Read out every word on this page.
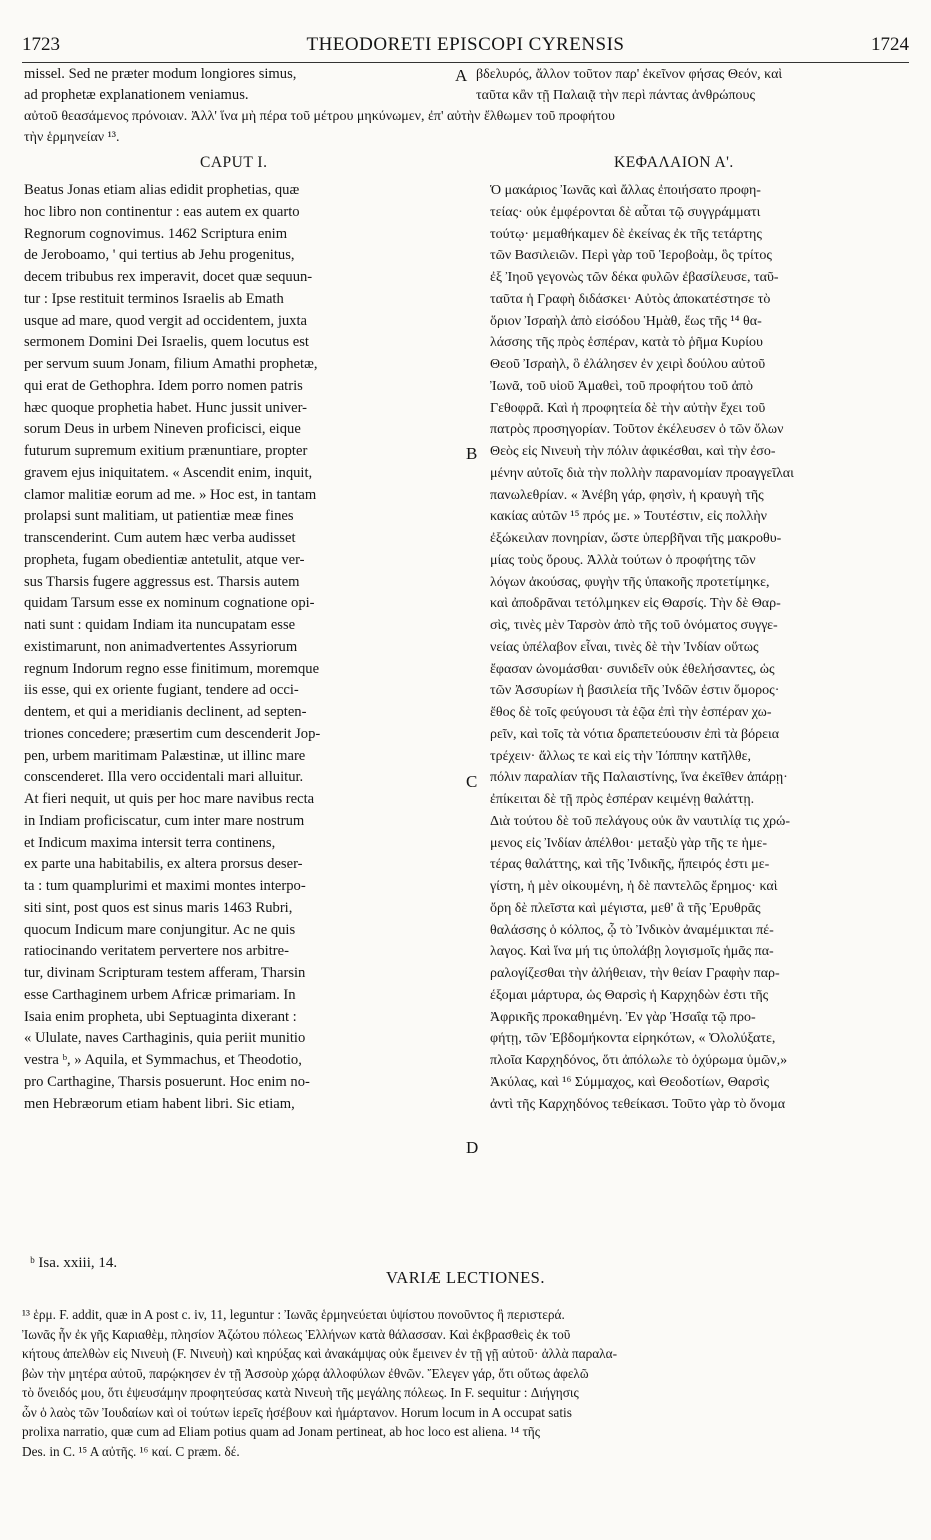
1723	THEODORETI EPISCOPI CYRENSIS	1724
missel. Sed ne præter modum longiores simus,
ad prophetæ explanationem veniamus.
A βδελυρός, ἄλλον τοῦτον παρ' ἐκεῖνον φήσας Θεόν, καὶ
ταῦτα κἂν τῇ Παλαιᾷ τὴν περὶ πάντας ἀνθρώπους
αὐτοῦ θεασάμενος πρόνοιαν. Ἀλλ' ἵνα μὴ πέρα τοῦ μέτρου μηκύνωμεν, ἐπ' αὐτὴν ἔλθωμεν τοῦ προφήτου
τὴν ἑρμηνείαν ¹³.
CAPUT I.	ΚΕΦΑΛΑΙΟΝ Α'.
Beatus Jonas etiam alias edidit prophetias, quæ
hoc libro non continentur : eas autem ex quarto
Regnorum cognovimus. 1462 Scriptura enim
de Jeroboamo, ' qui tertius ab Jehu progenitus,
decem tribubus rex imperavit, docet quæ sequun-
tur : Ipse restituit terminos Israelis ab Emath
usque ad mare, quod vergit ad occidentem, juxta
sermonem Domini Dei Israelis, quem locutus est
per servum suum Jonam, filium Amathi prophetæ,
qui erat de Gethophra. Idem porro nomen patris
hæc quoque prophetia habet. Hunc jussit univer-
sorum Deus in urbem Nineven proficisci, eique
futurum supremum exitium prænuntiare, propter
gravem ejus iniquitatem. « Ascendit enim, inquit,
clamor malitiæ eorum ad me. » Hoc est, in tantam
prolapsi sunt malitiam, ut patientiæ meæ fines
transcenderint. Cum autem hæc verba audisset
propheta, fugam obedientiæ antetulit, atque ver-
sus Tharsis fugere aggressus est. Tharsis autem
quidam Tarsum esse ex nominum cognatione opi-
nati sunt : quidam Indiam ita nuncupatam esse
existimarunt, non animadvertentes Assyriorum
regnum Indorum regno esse finitimum, moremque
iis esse, qui ex oriente fugiant, tendere ad occi-
dentem, et qui a meridianis declinent, ad septen-
triones concedere; præsertim cum descenderit Jop-
pen, urbem maritimam Palæstinæ, ut illinc mare
conscenderet. Illa vero occidentali mari alluitur.
At fieri nequit, ut quis per hoc mare navibus recta
in Indiam proficiscatur, cum inter mare nostrum
et Indicum maxima intersit terra continens,
ex parte una habitabilis, ex altera prorsus deser-
ta : tum quamplurimi et maximi montes interpo-
siti sint, post quos est sinus maris 1463 Rubri,
quocum Indicum mare conjungitur. Ac ne quis
ratiocinando veritatem pervertere nos arbitre-
tur, divinam Scripturam testem afferam, Tharsin
esse Carthaginem urbem Africæ primariam. In
Isaia enim propheta, ubi Septuaginta dixerant :
« Ululate, naves Carthaginis, quia periit munitio
vestra ᵇ, » Aquila, et Symmachus, et Theodotio,
pro Carthagine, Tharsis posuerunt. Hoc enim no-
men Hebræorum etiam habent libri. Sic etiam,
B
C
D
Ὁ μακάριος Ἰωνᾶς καὶ ἄλλας ἐποιήσατο προφη-
τείας· οὐκ ἐμφέρονται δὲ αὗται τῷ συγγράμματι
τούτῳ· μεμαθήκαμεν δὲ ἐκείνας ἐκ τῆς τετάρτης
τῶν Βασιλειῶν. Περὶ γὰρ τοῦ Ἱεροβοὰμ, ὃς τρίτος
ἐξ Ἰηοῦ γεγονὼς τῶν δέκα φυλῶν ἐβασίλευσε, ταῦ-
ταῦτα ἡ Γραφὴ διδάσκει· Αὐτὸς ἀποκατέστησε τὸ
ὅριον Ἰσραὴλ ἀπὸ εἰσόδου Ἡμὰθ, ἕως τῆς ¹⁴ θα-
λάσσης τῆς πρὸς ἑσπέραν, κατὰ τὸ ῥῆμα Κυρίου
Θεοῦ Ἰσραὴλ, ὃ ἐλάλησεν ἐν χειρὶ δούλου αὐτοῦ
Ἰωνᾶ, τοῦ υἱοῦ Ἀμαθεὶ, τοῦ προφήτου τοῦ ἀπὸ
Γεθοφρᾶ. Καὶ ἡ προφητεία δὲ τὴν αὐτὴν ἔχει τοῦ
πατρὸς προσηγορίαν. Τοῦτον ἐκέλευσεν ὁ τῶν ὅλων
Θεὸς εἰς Νινευὴ τὴν πόλιν ἀφικέσθαι, καὶ τὴν ἐσο-
μένην αὐτοῖς διὰ τὴν πολλὴν παρανομίαν προαγγεῖλαι
πανωλεθρίαν. « Ἀνέβη γάρ, φησὶν, ἡ κραυγὴ τῆς
κακίας αὐτῶν ¹⁵ πρός με. » Τουτέστιν, εἰς πολλὴν
ἐξώκειλαν πονηρίαν, ὥστε ὑπερβῆναι τῆς μακροθυ-
μίας τοὺς ὅρους. Ἀλλὰ τούτων ὁ προφήτης τῶν
λόγων ἀκούσας, φυγὴν τῆς ὑπακοῆς προτετίμηκε,
καὶ ἀποδρᾶναι τετόλμηκεν εἰς Θαρσίς. Τὴν δὲ Θαρ-
σὶς, τινὲς μὲν Ταρσὸν ἀπὸ τῆς τοῦ ὀνόματος συγγε-
νείας ὑπέλαβον εἶναι, τινὲς δὲ τὴν Ἰνδίαν οὕτως
ἔφασαν ὠνομάσθαι· συνιδεῖν οὐκ ἐθελήσαντες, ὡς
τῶν Ἀσσυρίων ἡ βασιλεία τῆς Ἰνδῶν ἐστιν ὅμορος·
ἔθος δὲ τοῖς φεύγουσι τὰ ἑῷα ἐπὶ τὴν ἑσπέραν χω-
ρεῖν, καὶ τοῖς τὰ νότια δραπετεύουσιν ἐπὶ τὰ βόρεια
τρέχειν· ἄλλως τε καὶ εἰς τὴν Ἰόππην κατῆλθε,
πόλιν παραλίαν τῆς Παλαιστίνης, ἵνα ἐκεῖθεν ἀπάρῃ·
ἐπίκειται δὲ τῇ πρὸς ἑσπέραν κειμένῃ θαλάττῃ.
Διὰ τούτου δὲ τοῦ πελάγους οὐκ ἂν ναυτιλίᾳ τις χρώ-
μενος εἰς Ἰνδίαν ἀπέλθοι· μεταξὺ γὰρ τῆς τε ἡμε-
τέρας θαλάττης, καὶ τῆς Ἰνδικῆς, ἤπειρός ἐστι με-
γίστη, ἡ μὲν οἰκουμένη, ἡ δὲ παντελῶς ἔρημος· καὶ
ὄρη δὲ πλεῖστα καὶ μέγιστα, μεθ' ἃ τῆς Ἐρυθρᾶς
θαλάσσης ὁ κόλπος, ᾧ τὸ Ἰνδικὸν ἀναμέμικται πέ-
λαγος. Καὶ ἵνα μή τις ὑπολάβῃ λογισμοῖς ἡμᾶς πα-
ραλογίζεσθαι τὴν ἀλήθειαν, τὴν θείαν Γραφὴν παρ-
έξομαι μάρτυρα, ὡς Θαρσὶς ἡ Καρχηδὼν ἐστι τῆς
Ἀφρικῆς προκαθημένη. Ἐν γὰρ Ἡσαΐᾳ τῷ προ-
φήτῃ, τῶν Ἑβδομήκοντα εἰρηκότων, « Ὀλολύξατε,
πλοῖα Καρχηδόνος, ὅτι ἀπόλωλε τὸ ὀχύρωμα ὑμῶν,»
Ἀκύλας, καὶ ¹⁶ Σύμμαχος, καὶ Θεοδοτίων, Θαρσὶς
ἀντὶ τῆς Καρχηδόνος τεθείκασι. Τοῦτο γὰρ τὸ ὄνομα
ᵇ Isa. xxiii, 14.
VARIÆ LECTIONES.
¹³ ἑρμ. F. addit, quæ in A post c. iv, 11, leguntur : Ἰωνᾶς ἑρμηνεύεται ὑψίστου πονοῦντος ἢ περιστερά.
Ἰωνᾶς ἦν ἐκ γῆς Καριαθὲμ, πλησίον Ἀζώτου πόλεως Ἑλλήνων κατὰ θάλασσαν. Καὶ ἐκβρασθεὶς ἐκ τοῦ
κήτους ἀπελθὼν εἰς Νινευὴ (F. Νινευὴ) καὶ κηρύξας καὶ ἀνακάμψας οὐκ ἔμεινεν ἐν τῇ γῇ αὐτοῦ· ἀλλὰ παραλα-
βὼν τὴν μητέρα αὐτοῦ, παρῴκησεν ἐν τῇ Ἀσσοὺρ χώρᾳ ἀλλοφύλων ἐθνῶν. Ἔλεγεν γάρ, ὅτι οὕτως ἀφελῶ
τὸ ὄνειδός μου, ὅτι ἐψευσάμην προφητεύσας κατὰ Νινευὴ τῆς μεγάλης πόλεως. In F. sequitur : Διήγησις
ὧν ὁ λαὸς τῶν Ἰουδαίων καὶ οἱ τούτων ἱερεῖς ἠσέβουν καὶ ἡμάρτανον. Horum locum in A occupat satis
prolixa narratio, quæ cum ad Eliam potius quam ad Jonam pertineat, ab hoc loco est aliena. ¹⁴ τῆς
Des. in C. ¹⁵ A αὐτῆς. ¹⁶ καί. C præm. δέ.
